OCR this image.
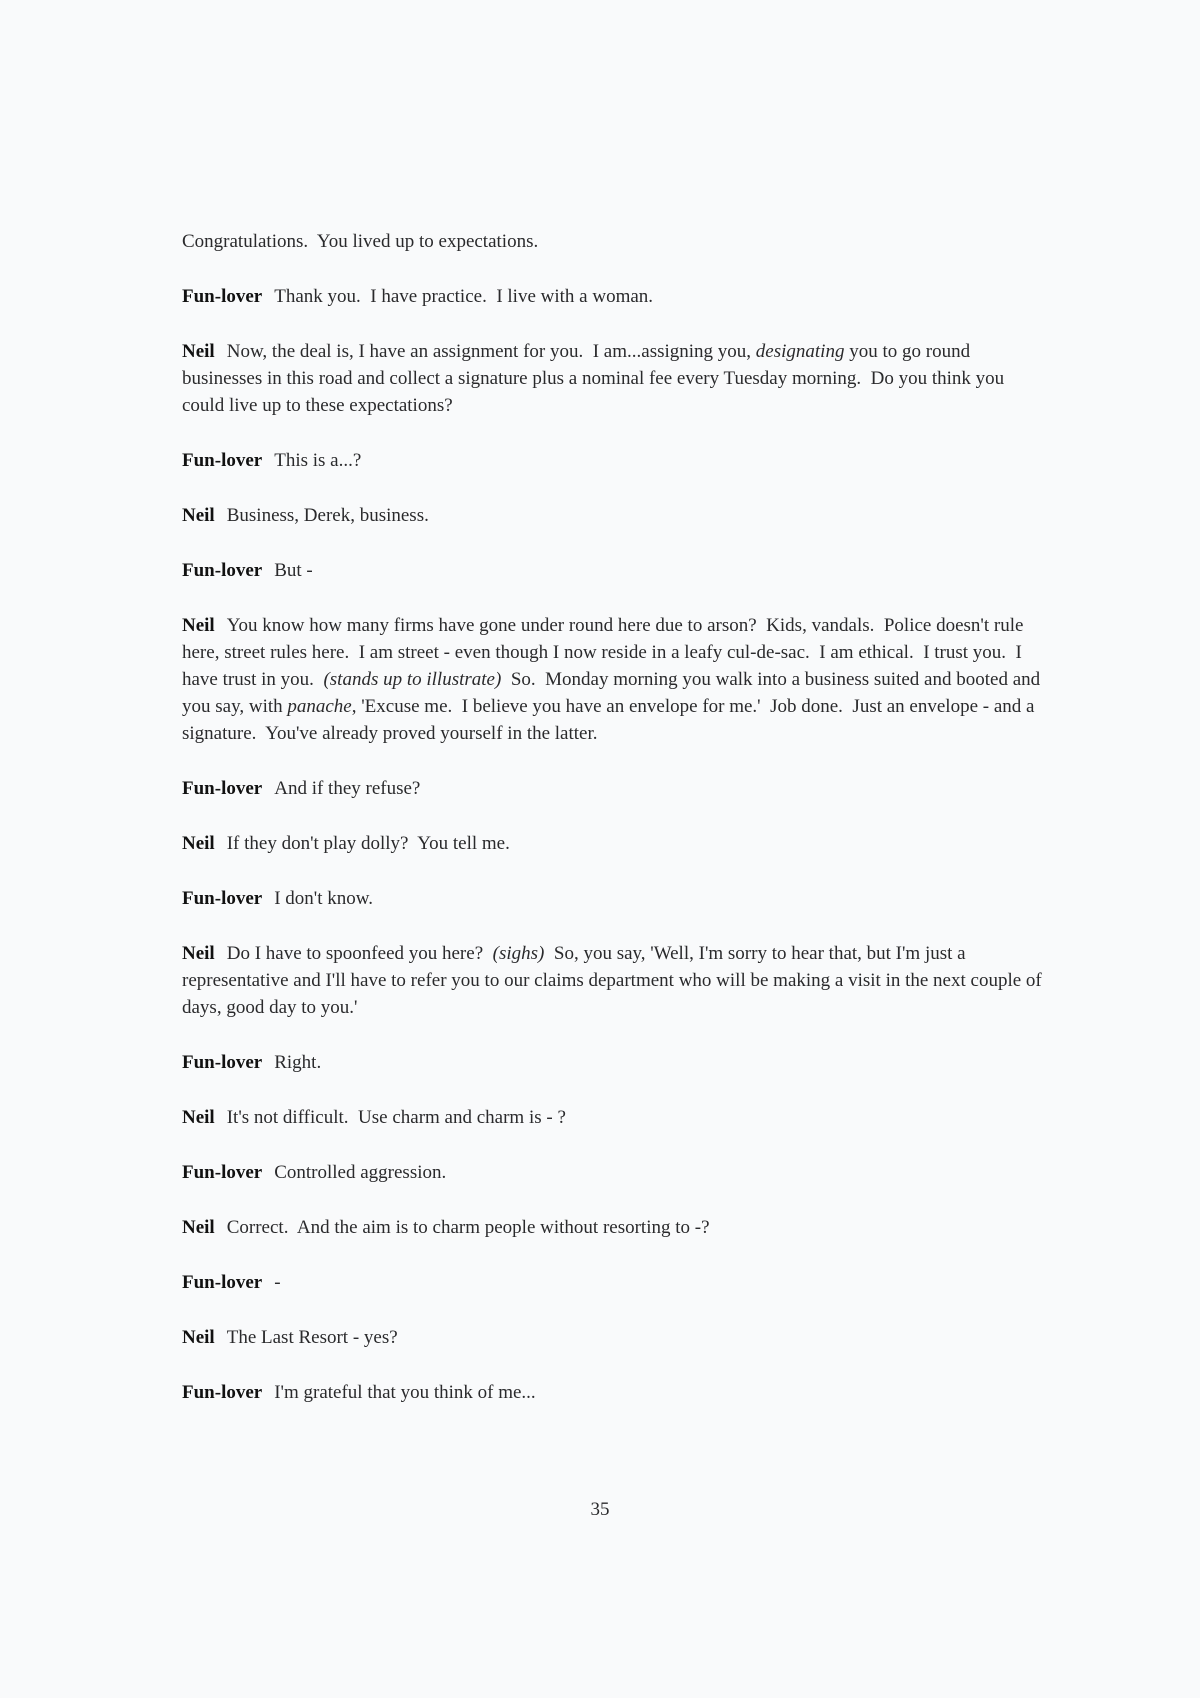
Congratulations.  You lived up to expectations.

Fun-lover Thank you.  I have practice.  I live with a woman.

Neil Now, the deal is, I have an assignment for you.  I am...assigning you, designating you to go round businesses in this road and collect a signature plus a nominal fee every Tuesday morning.  Do you think you could live up to these expectations?

Fun-lover This is a...?

Neil Business, Derek, business.

Fun-lover But -

Neil You know how many firms have gone under round here due to arson?  Kids, vandals.  Police doesn't rule here, street rules here.  I am street - even though I now reside in a leafy cul-de-sac.  I am ethical.  I trust you.  I have trust in you.  (stands up to illustrate)  So.  Monday morning you walk into a business suited and booted and you say, with panache, 'Excuse me.  I believe you have an envelope for me.'  Job done.  Just an envelope - and a signature.  You've already proved yourself in the latter.

Fun-lover And if they refuse?

Neil If they don't play dolly?  You tell me.

Fun-lover I don't know.

Neil Do I have to spoonfeed you here?  (sighs)  So, you say, 'Well, I'm sorry to hear that, but I'm just a representative and I'll have to refer you to our claims department who will be making a visit in the next couple of days, good day to you.'

Fun-lover Right.

Neil It's not difficult.  Use charm and charm is - ?

Fun-lover Controlled aggression.

Neil Correct.  And the aim is to charm people without resorting to -?

Fun-lover -

Neil The Last Resort - yes?

Fun-lover I'm grateful that you think of me...

35
